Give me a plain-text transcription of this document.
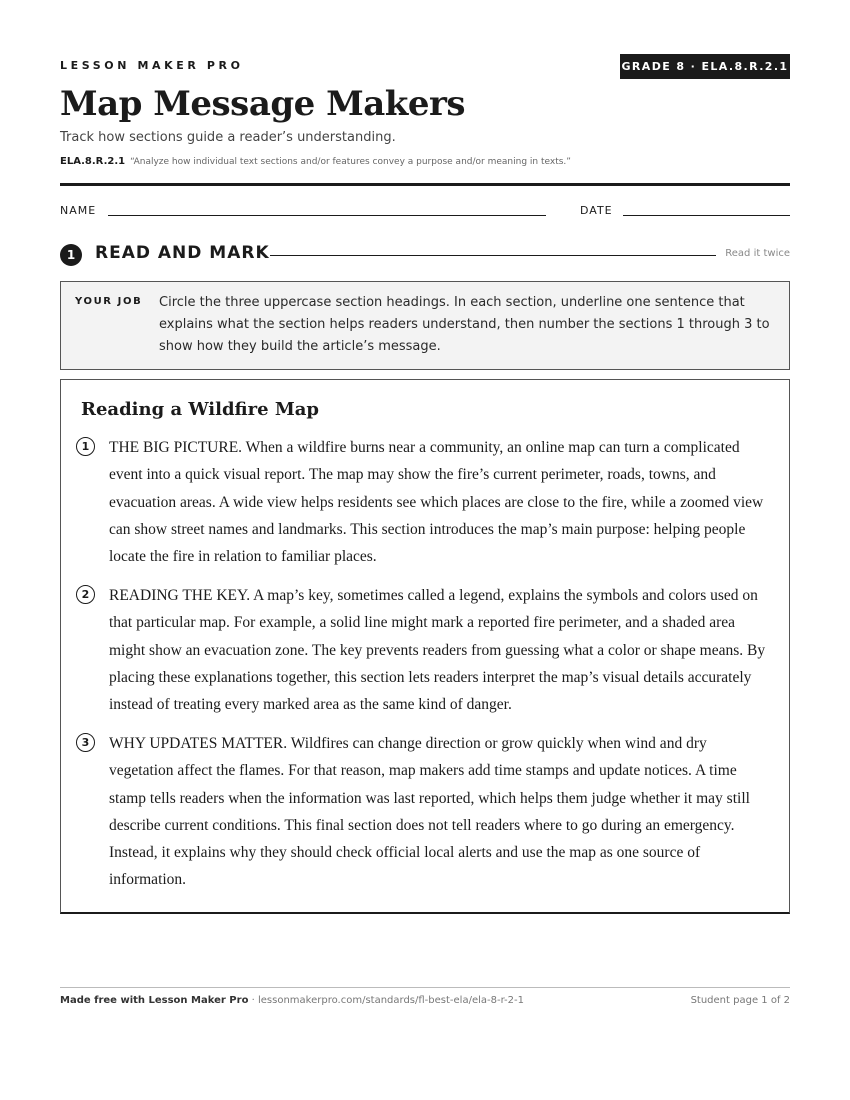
LESSON MAKER PRO	GRADE 8 · ELA.8.R.2.1
Map Message Makers
Track how sections guide a reader’s understanding.
ELA.8.R.2.1 “Analyze how individual text sections and/or features convey a purpose and/or meaning in texts.”
NAME	DATE
1	READ AND MARK	Read it twice
YOUR JOB Circle the three uppercase section headings. In each section, underline one sentence that explains what the section helps readers understand, then number the sections 1 through 3 to show how they build the article’s message.
Reading a Wildfire Map
1	THE BIG PICTURE. When a wildfire burns near a community, an online map can turn a complicated event into a quick visual report. The map may show the fire’s current perimeter, roads, towns, and evacuation areas. A wide view helps residents see which places are close to the fire, while a zoomed view can show street names and landmarks. This section introduces the map’s main purpose: helping people locate the fire in relation to familiar places.
2	READING THE KEY. A map’s key, sometimes called a legend, explains the symbols and colors used on that particular map. For example, a solid line might mark a reported fire perimeter, and a shaded area might show an evacuation zone. The key prevents readers from guessing what a color or shape means. By placing these explanations together, this section lets readers interpret the map’s visual details accurately instead of treating every marked area as the same kind of danger.
3	WHY UPDATES MATTER. Wildfires can change direction or grow quickly when wind and dry vegetation affect the flames. For that reason, map makers add time stamps and update notices. A time stamp tells readers when the information was last reported, which helps them judge whether it may still describe current conditions. This final section does not tell readers where to go during an emergency. Instead, it explains why they should check official local alerts and use the map as one source of information.
Made free with Lesson Maker Pro · lessonmakerpro.com/standards/fl-best-ela/ela-8-r-2-1	Student page 1 of 2
